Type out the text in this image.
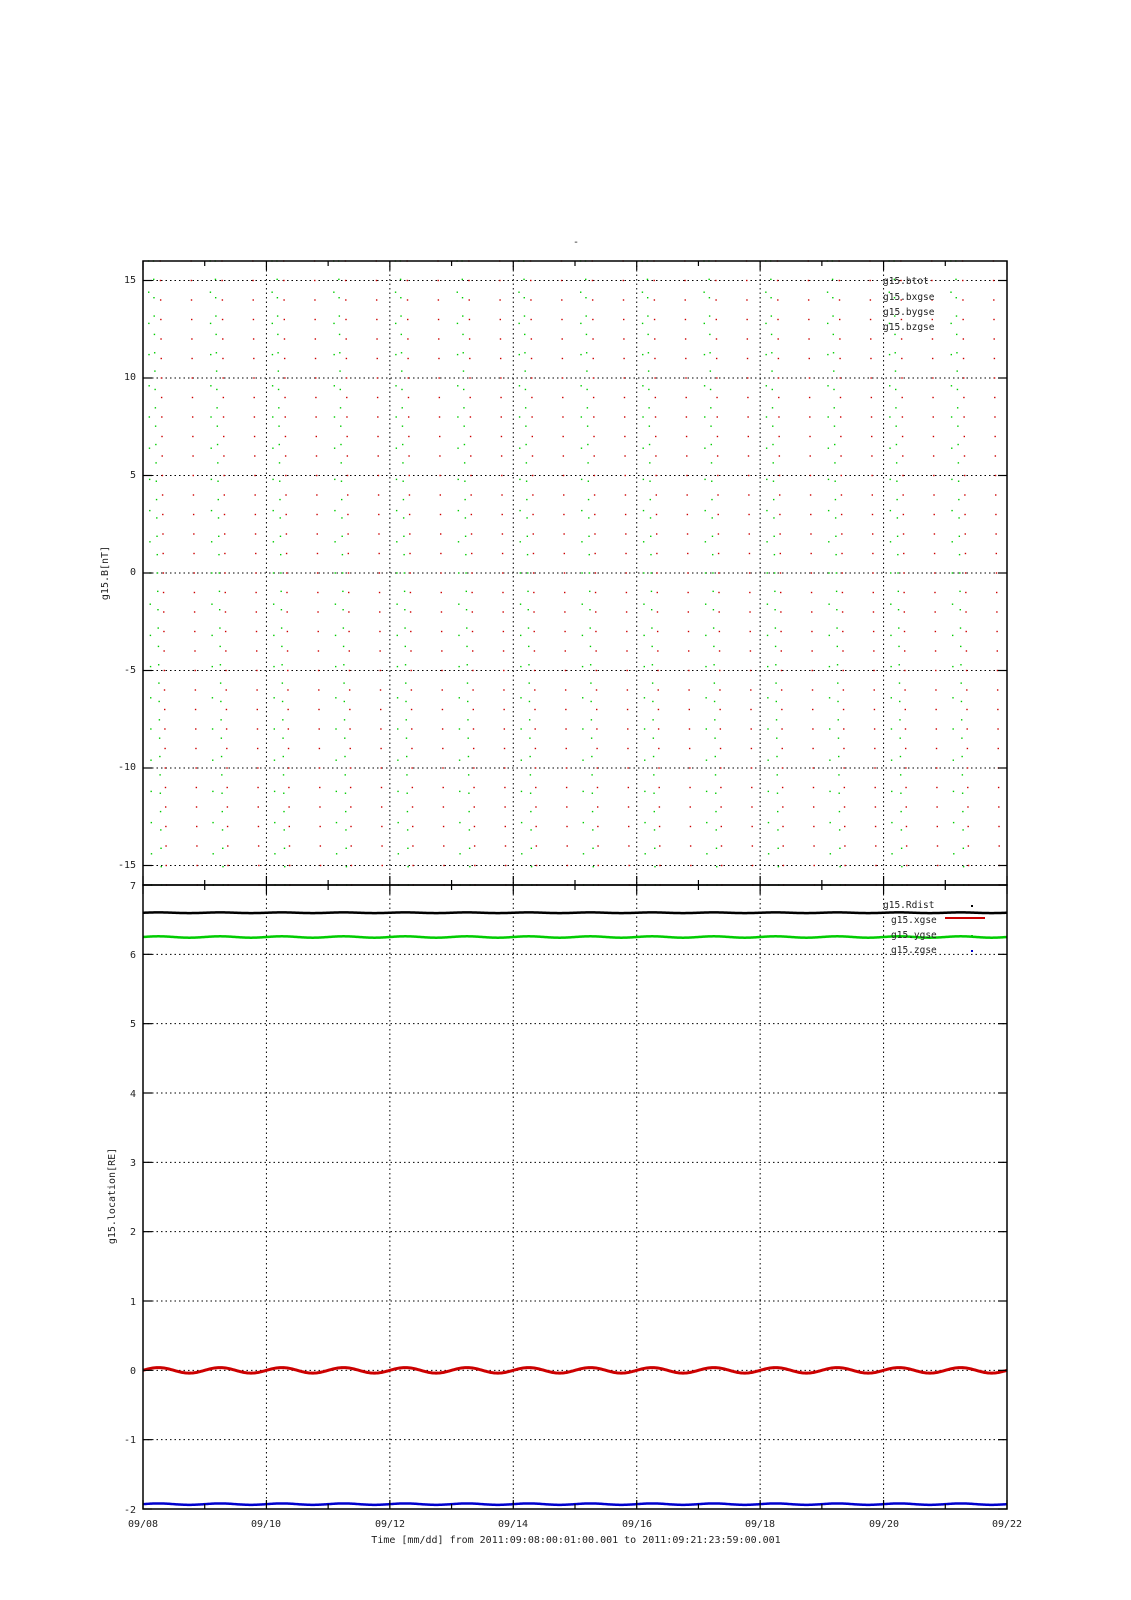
-
15
10
5
0
-5
-10
-15
g15.B[nT]
g15.btot
g15.bxgse
g15.bygse
g15.bzgse
7
6
5
4
3
2
1
0
-1
-2
g15.location[RE]
g15.Rdist
g15.xgse
g15.ygse
g15.zgse
09/08	09/10	09/12	09/14	09/16	09/18	09/20	09/22
Time [mm/dd] from 2011:09:08:00:01:00.001 to 2011:09:21:23:59:00.001
